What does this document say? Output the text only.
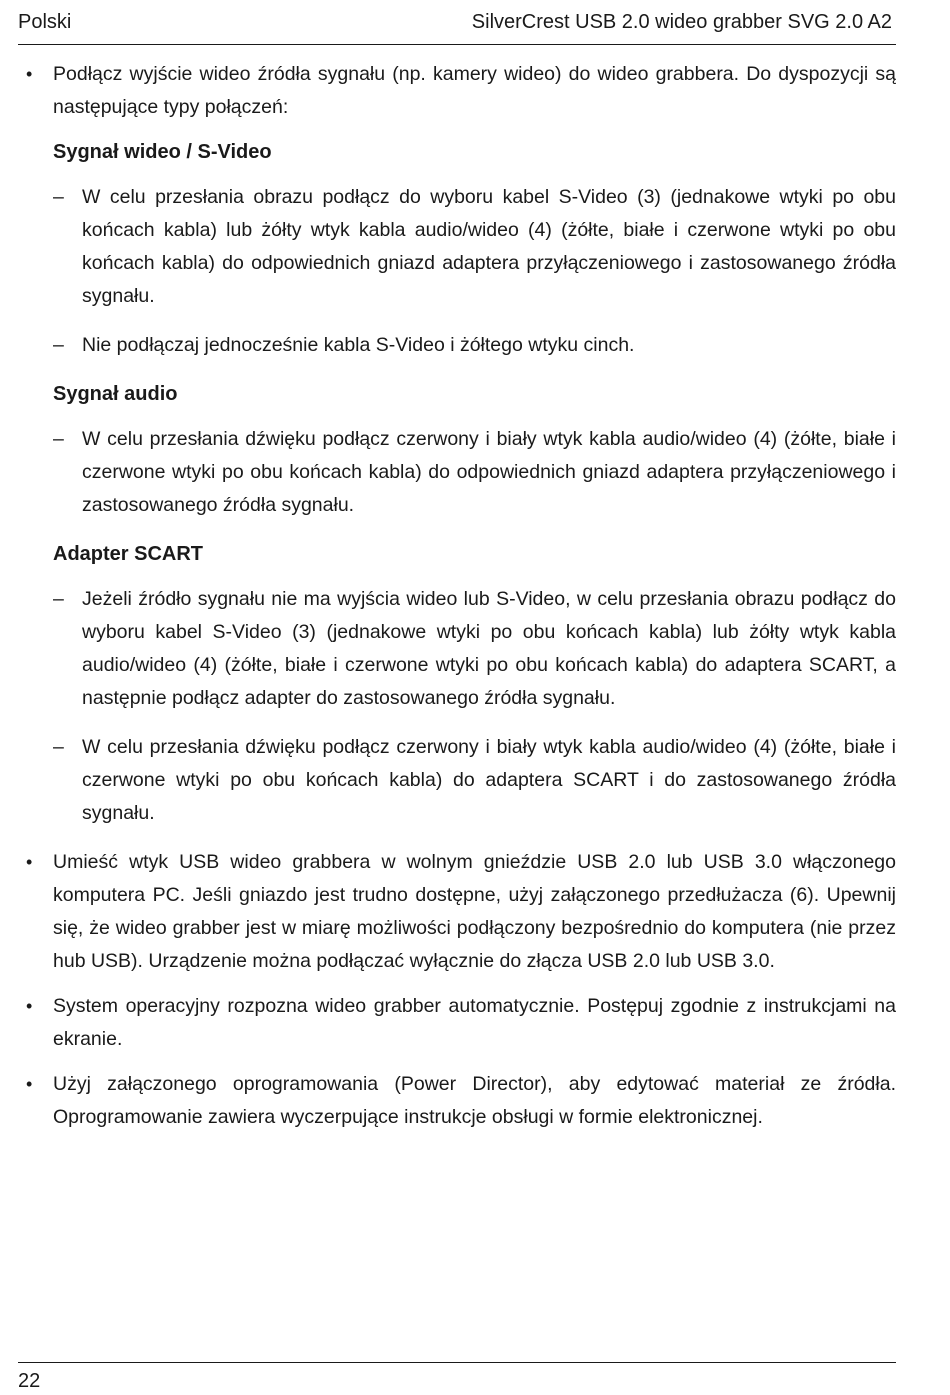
Polski	SilverCrest USB 2.0 wideo grabber SVG 2.0 A2

•	Podłącz wyjście wideo źródła sygnału (np. kamery wideo) do wideo grabbera. Do dyspozycji są następujące typy połączeń:

Sygnał wideo / S-Video

– W celu przesłania obrazu podłącz do wyboru kabel S-Video (3) (jednakowe wtyki po obu końcach kabla) lub żółty wtyk kabla audio/wideo (4) (żółte, białe i czerwone wtyki po obu końcach kabla) do odpowiednich gniazd adaptera przyłączeniowego i zastosowanego źródła sygnału.

– Nie podłączaj jednocześnie kabla S-Video i żółtego wtyku cinch.

Sygnał audio

– W celu przesłania dźwięku podłącz czerwony i biały wtyk kabla audio/wideo (4) (żółte, białe i czerwone wtyki po obu końcach kabla) do odpowiednich gniazd adaptera przyłączeniowego i zastosowanego źródła sygnału.

Adapter SCART

– Jeżeli źródło sygnału nie ma wyjścia wideo lub S-Video, w celu przesłania obrazu podłącz do wyboru kabel S-Video (3) (jednakowe wtyki po obu końcach kabla) lub żółty wtyk kabla audio/wideo (4) (żółte, białe i czerwone wtyki po obu końcach kabla) do adaptera SCART, a następnie podłącz adapter do zastosowanego źródła sygnału.

– W celu przesłania dźwięku podłącz czerwony i biały wtyk kabla audio/wideo (4) (żółte, białe i czerwone wtyki po obu końcach kabla) do adaptera SCART i do zastosowanego źródła sygnału.

•	Umieść wtyk USB wideo grabbera w wolnym gnieździe USB 2.0 lub USB 3.0 włączonego komputera PC. Jeśli gniazdo jest trudno dostępne, użyj załączonego przedłużacza (6). Upewnij się, że wideo grabber jest w miarę możliwości podłączony bezpośrednio do komputera (nie przez hub USB). Urządzenie można podłączać wyłącznie do złącza USB 2.0 lub USB 3.0.

•	System operacyjny rozpozna wideo grabber automatycznie. Postępuj zgodnie z instrukcjami na ekranie.

•	Użyj załączonego oprogramowania (Power Director), aby edytować materiał ze źródła. Oprogramowanie zawiera wyczerpujące instrukcje obsługi w formie elektronicznej.

22
